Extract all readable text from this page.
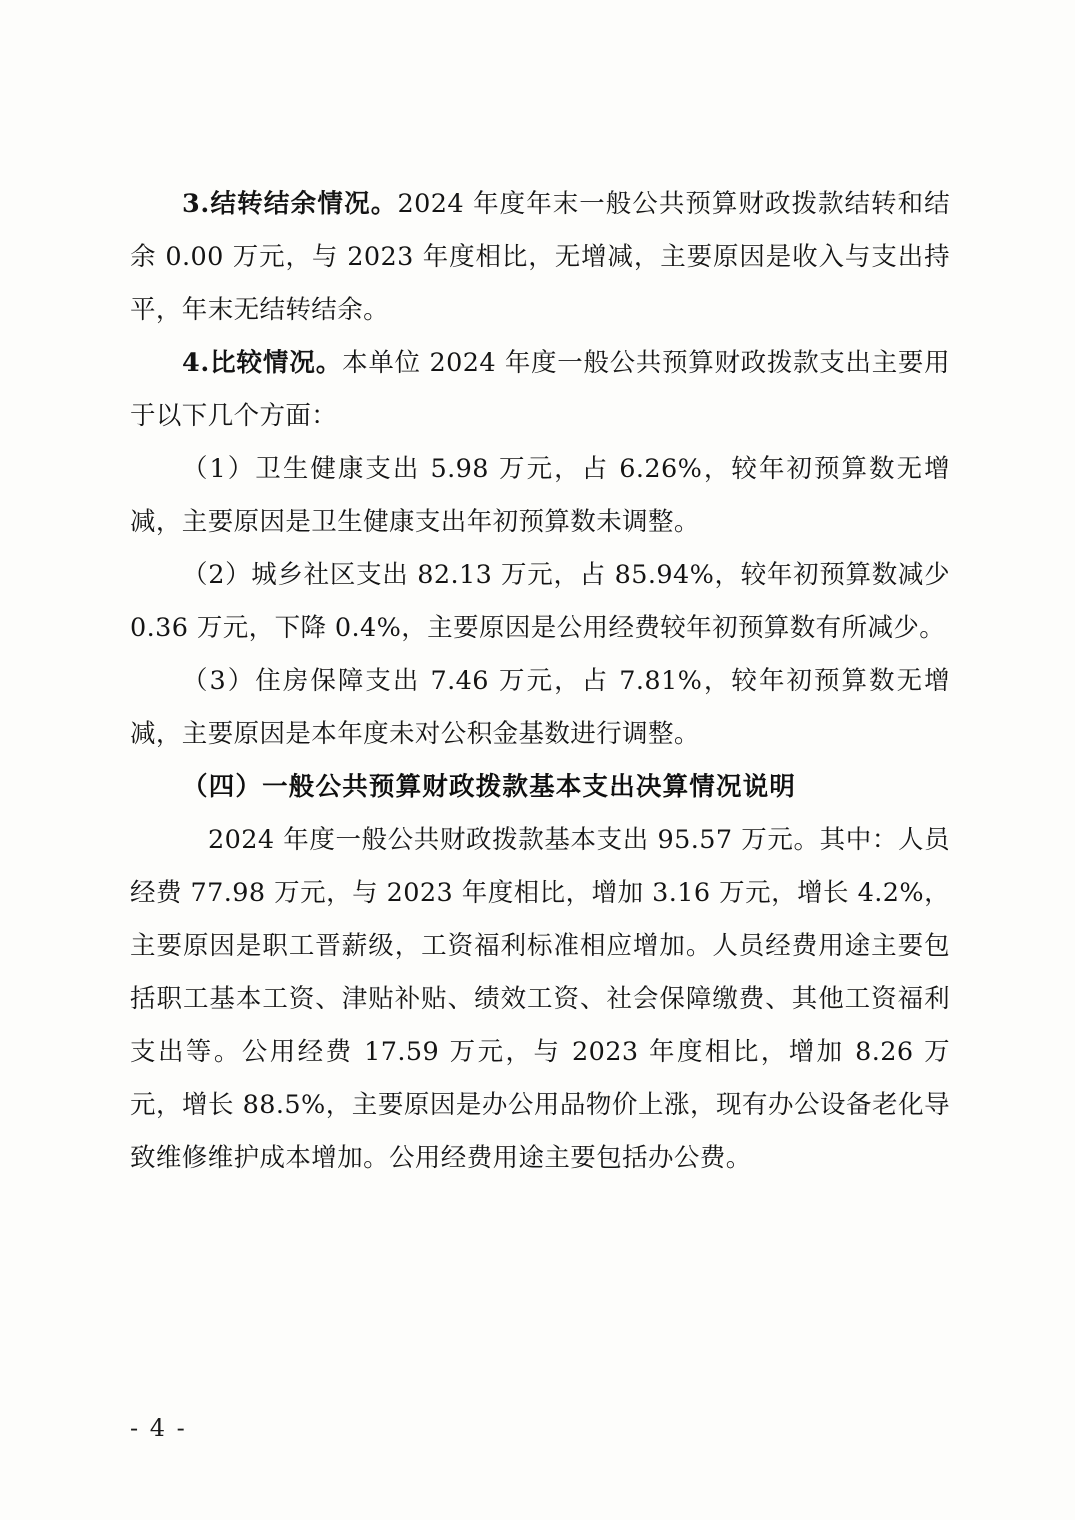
3.结转结余情况。2024 年度年末一般公共预算财政拨款结转和结余 0.00 万元，与 2023 年度相比，无增减，主要原因是收入与支出持平，年末无结转结余。

4.比较情况。本单位 2024 年度一般公共预算财政拨款支出主要用于以下几个方面：

（1）卫生健康支出 5.98 万元，占 6.26%，较年初预算数无增减，主要原因是卫生健康支出年初预算数未调整。

（2）城乡社区支出 82.13 万元，占 85.94%，较年初预算数减少 0.36 万元，下降 0.4%，主要原因是公用经费较年初预算数有所减少。

（3）住房保障支出 7.46 万元，占 7.81%，较年初预算数无增减，主要原因是本年度未对公积金基数进行调整。

（四）一般公共预算财政拨款基本支出决算情况说明

2024 年度一般公共财政拨款基本支出 95.57 万元。其中：人员经费 77.98 万元，与 2023 年度相比，增加 3.16 万元，增长 4.2%，主要原因是职工晋薪级，工资福利标准相应增加。人员经费用途主要包括职工基本工资、津贴补贴、绩效工资、社会保障缴费、其他工资福利支出等。公用经费 17.59 万元，与 2023 年度相比，增加 8.26 万元，增长 88.5%，主要原因是办公用品物价上涨，现有办公设备老化导致维修维护成本增加。公用经费用途主要包括办公费。

- 4 -
